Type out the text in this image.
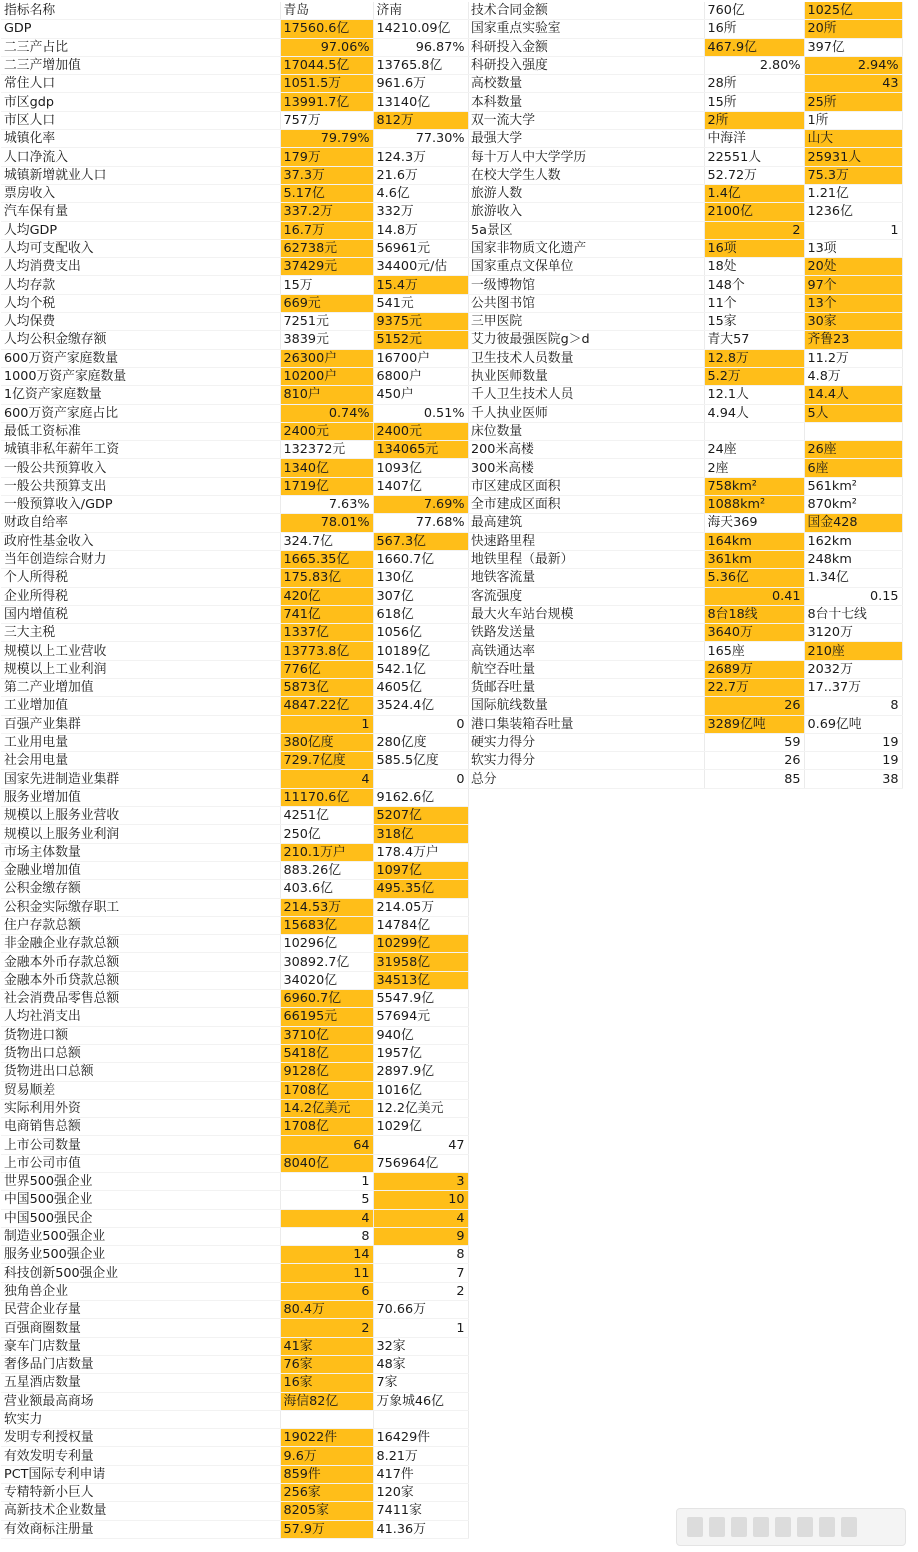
指标名称	青岛	济南
GDP	17560.6亿	14210.09亿
二三产占比	97.06%	96.87%
二三产增加值	17044.5亿	13765.8亿
常住人口	1051.5万	961.6万
市区gdp	13991.7亿	13140亿
市区人口	757万	812万
城镇化率	79.79%	77.30%
人口净流入	179万	124.3万
城镇新增就业人口	37.3万	21.6万
票房收入	5.17亿	4.6亿
汽车保有量	337.2万	332万
人均GDP	16.7万	14.8万
人均可支配收入	62738元	56961元
人均消费支出	37429元	34400元/估
人均存款	15万	15.4万
人均个税	669元	541元
人均保费	7251元	9375元
人均公积金缴存额	3839元	5152元
600万资产家庭数量	26300户	16700户
1000万资产家庭数量	10200户	6800户
1亿资产家庭数量	810户	450户
600万资产家庭占比	0.74%	0.51%
最低工资标准	2400元	2400元
城镇非私年薪年工资	132372元	134065元
一般公共预算收入	1340亿	1093亿
一般公共预算支出	1719亿	1407亿
一般预算收入/GDP	7.63%	7.69%
财政自给率	78.01%	77.68%
政府性基金收入	324.7亿	567.3亿
当年创造综合财力	1665.35亿	1660.7亿
个人所得税	175.83亿	130亿
企业所得税	420亿	307亿
国内增值税	741亿	618亿
三大主税	1337亿	1056亿
规模以上工业营收	13773.8亿	10189亿
规模以上工业利润	776亿	542.1亿
第二产业增加值	5873亿	4605亿
工业增加值	4847.22亿	3524.4亿
百强产业集群	1	0
工业用电量	380亿度	280亿度
社会用电量	729.7亿度	585.5亿度
国家先进制造业集群	4	0
服务业增加值	11170.6亿	9162.6亿
规模以上服务业营收	4251亿	5207亿
规模以上服务业利润	250亿	318亿
市场主体数量	210.1万户	178.4万户
金融业增加值	883.26亿	1097亿
公积金缴存额	403.6亿	495.35亿
公积金实际缴存职工	214.53万	214.05万
住户存款总额	15683亿	14784亿
非金融企业存款总额	10296亿	10299亿
金融本外币存款总额	30892.7亿	31958亿
金融本外币贷款总额	34020亿	34513亿
社会消费品零售总额	6960.7亿	5547.9亿
人均社消支出	66195元	57694元
货物进口额	3710亿	940亿
货物出口总额	5418亿	1957亿
货物进出口总额	9128亿	2897.9亿
贸易顺差	1708亿	1016亿
实际利用外资	14.2亿美元	12.2亿美元
电商销售总额	1708亿	1029亿
上市公司数量	64	47
上市公司市值	8040亿	756964亿
世界500强企业	1	3
中国500强企业	5	10
中国500强民企	4	4
制造业500强企业	8	9
服务业500强企业	14	8
科技创新500强企业	11	7
独角兽企业	6	2
民营企业存量	80.4万	70.66万
百强商圈数量	2	1
豪车门店数量	41家	32家
奢侈品门店数量	76家	48家
五星酒店数量	16家	7家
营业额最高商场	海信82亿	万象城46亿
软实力		
发明专利授权量	19022件	16429件
有效发明专利量	9.6万	8.21万
PCT国际专利申请	859件	417件
专精特新小巨人	256家	120家
高新技术企业数量	8205家	7411家
有效商标注册量	57.9万	41.36万
技术合同金额	760亿	1025亿
国家重点实验室	16所	20所
科研投入金额	467.9亿	397亿
科研投入强度	2.80%	2.94%
高校数量	28所	43
本科数量	15所	25所
双一流大学	2所	1所
最强大学	中海洋	山大
每十万人中大学学历	22551人	25931人
在校大学生人数	52.72万	75.3万
旅游人数	1.4亿	1.21亿
旅游收入	2100亿	1236亿
5a景区	2	1
国家非物质文化遗产	16项	13项
国家重点文保单位	18处	20处
一级博物馆	148个	97个
公共图书馆	11个	13个
三甲医院	15家	30家
艾力彼最强医院g＞d	青大57	齐鲁23
卫生技术人员数量	12.8万	11.2万
执业医师数量	5.2万	4.8万
千人卫生技术人员	12.1人	14.4人
千人执业医师	4.94人	5人
床位数量		
200米高楼	24座	26座
300米高楼	2座	6座
市区建成区面积	758km²	561km²
全市建成区面积	1088km²	870km²
最高建筑	海天369	国金428
快速路里程	164km	162km
地铁里程（最新）	361km	248km
地铁客流量	5.36亿	1.34亿
客流强度	0.41	0.15
最大火车站台规模	8台18线	8台十七线
铁路发送量	3640万	3120万
高铁通达率	165座	210座
航空吞吐量	2689万	2032万
货邮吞吐量	22.7万	17..37万
国际航线数量	26	8
港口集装箱吞吐量	3289亿吨	0.69亿吨
硬实力得分	59	19
软实力得分	26	19
总分	85	38
